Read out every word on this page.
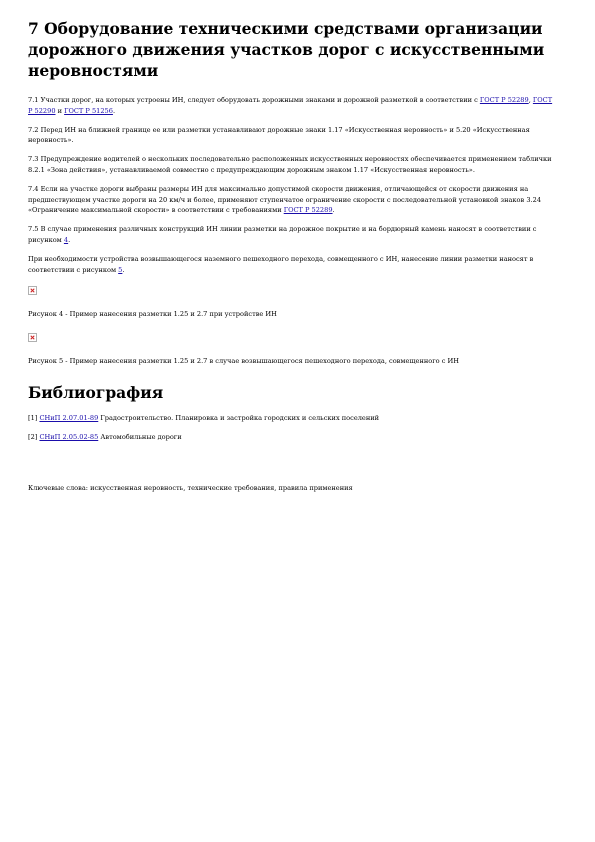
7 Оборудование техническими средствами организации дорожного движения участков дорог с искусственными неровностями

7.1 Участки дорог, на которых устроены ИН, следует оборудовать дорожными знаками и дорожной разметкой в соответствии с ГОСТ Р 52289, ГОСТ Р 52290 и ГОСТ Р 51256.

7.2 Перед ИН на ближней границе ее или разметки устанавливают дорожные знаки 1.17 «Искусственная неровность» и 5.20 «Искусственная неровность».

7.3 Предупреждение водителей о нескольких последовательно расположенных искусственных неровностях обеспечивается применением таблички 8.2.1 «Зона действия», устанавливаемой совместно с предупреждающим дорожным знаком 1.17 «Искусственная неровность».

7.4 Если на участке дороги выбраны размеры ИН для максимально допустимой скорости движения, отличающейся от скорости движения на предшествующем участке дороги на 20 км/ч и более, применяют ступенчатое ограничение скорости с последовательной установкой знаков 3.24 «Ограничение максимальной скорости» в соответствии с требованиями ГОСТ Р 52289.

7.5 В случае применения различных конструкций ИН линии разметки на дорожное покрытие и на бордюрный камень наносят в соответствии с рисунком 4.

При необходимости устройства возвышающегося наземного пешеходного перехода, совмещенного с ИН, нанесение линии разметки наносят в соответствии с рисунком 5.

Рисунок 4 - Пример нанесения разметки 1.25 и 2.7 при устройстве ИН

Рисунок 5 - Пример нанесения разметки 1.25 и 2.7 в случае возвышающегося пешеходного перехода, совмещенного с ИН

Библиография

[1] СНиП 2.07.01-89 Градостроительство. Планировка и застройка городских и сельских поселений

[2] СНиП 2.05.02-85 Автомобильные дороги

Ключевые слова: искусственная неровность, технические требования, правила применения
